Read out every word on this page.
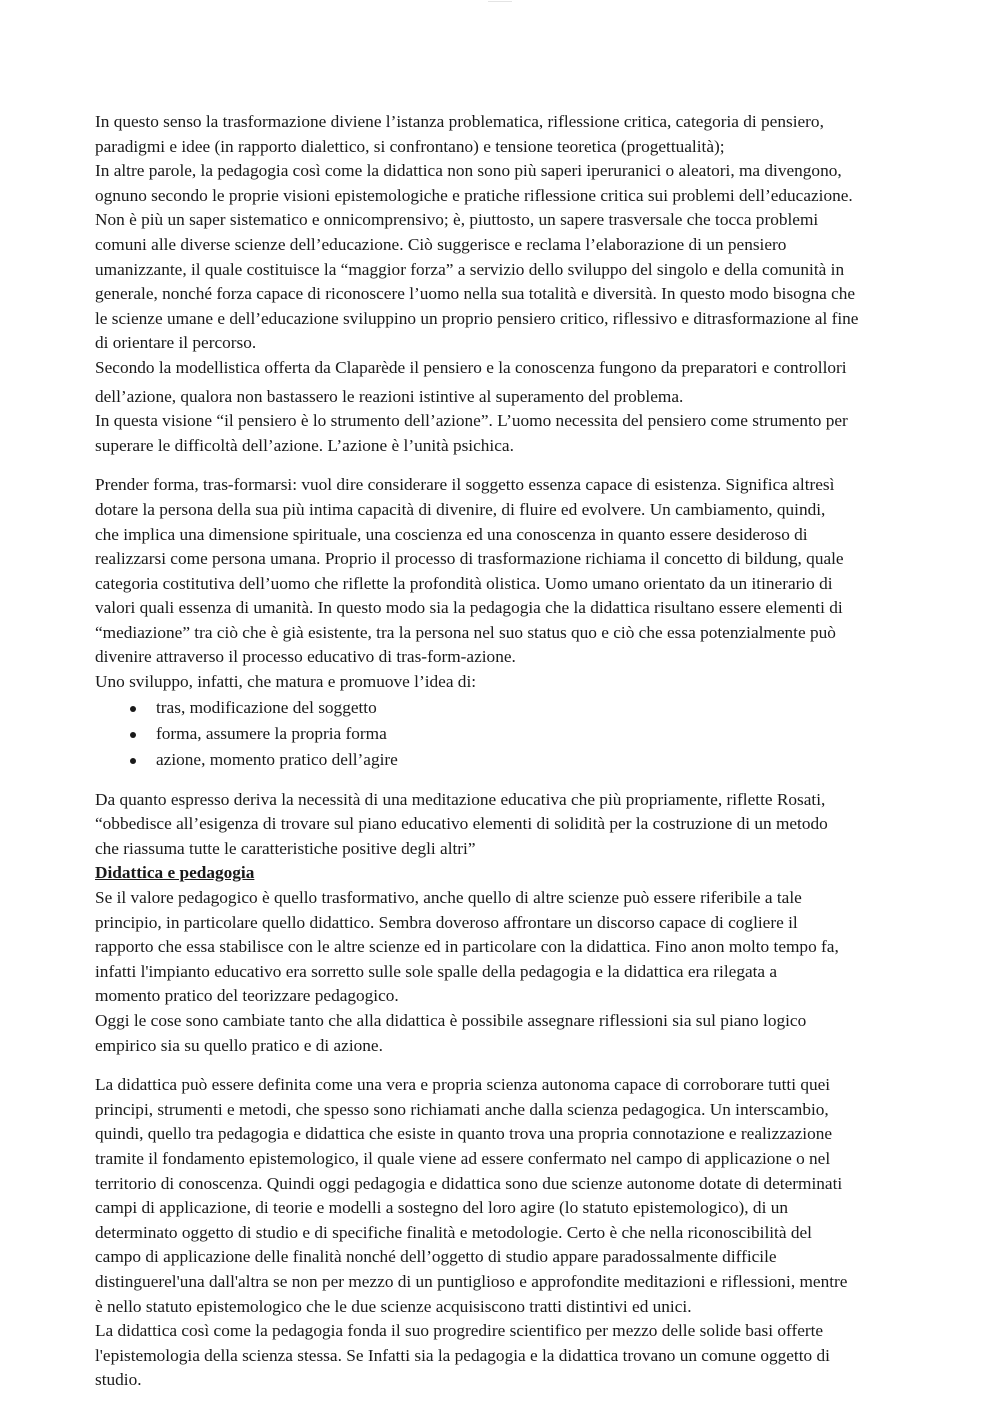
——————
In questo senso la trasformazione diviene l’istanza problematica, riflessione critica, categoria di pensiero,
paradigmi e idee (in rapporto dialettico, si confrontano) e tensione teoretica (progettualità);
In altre parole, la pedagogia così come la didattica non sono più saperi iperuranici o aleatori, ma divengono,
ognuno secondo le proprie visioni epistemologiche e pratiche riflessione critica sui problemi dell’educazione.
Non è più un saper sistematico e onnicomprensivo; è, piuttosto, un sapere trasversale che tocca problemi
comuni alle diverse scienze dell’educazione. Ciò suggerisce e reclama l’elaborazione di un pensiero
umanizzante, il quale costituisce la “maggior forza” a servizio dello sviluppo del singolo e della comunità in
generale, nonché forza capace di riconoscere l’uomo nella sua totalità e diversità. In questo modo bisogna che
le scienze umane e dell’educazione sviluppino un proprio pensiero critico, riflessivo e ditrasformazione al fine
di orientare il percorso.
Secondo la modellistica offerta da Claparède il pensiero e la conoscenza fungono da preparatori e controllori
dell’azione, qualora non bastassero le reazioni istintive al superamento del problema.
In questa visione “il pensiero è lo strumento dell’azione”. L’uomo necessita del pensiero come strumento per
superare le difficoltà dell’azione. L’azione è l’unità psichica.
Prender forma, tras-formarsi: vuol dire considerare il soggetto essenza capace di esistenza. Significa altresì
dotare la persona della sua più intima capacità di divenire, di fluire ed evolvere. Un cambiamento, quindi,
che implica una dimensione spirituale, una coscienza ed una conoscenza in quanto essere desideroso di
realizzarsi come persona umana. Proprio il processo di trasformazione richiama il concetto di bildung, quale
categoria costitutiva dell’uomo che riflette la profondità olistica. Uomo umano orientato da un itinerario di
valori quali essenza di umanità. In questo modo sia la pedagogia che la didattica risultano essere elementi di
“mediazione” tra ciò che è già esistente, tra la persona nel suo status quo e ciò che essa potenzialmente può
divenire attraverso il processo educativo di tras-form-azione.
Uno sviluppo, infatti, che matura e promuove l’idea di:
tras, modificazione del soggetto
forma, assumere la propria forma
azione, momento pratico dell’agire
Da quanto espresso deriva la necessità di una meditazione educativa che più propriamente, riflette Rosati,
“obbedisce all’esigenza di trovare sul piano educativo elementi di solidità per la costruzione di un metodo
che riassuma tutte le caratteristiche positive degli altri”
Didattica e pedagogia
Se il valore pedagogico è quello trasformativo, anche quello di altre scienze può essere riferibile a tale
principio, in particolare quello didattico. Sembra doveroso affrontare un discorso capace di cogliere il
rapporto che essa stabilisce con le altre scienze ed in particolare con la didattica. Fino anon molto tempo fa,
infatti l'impianto educativo era sorretto sulle sole spalle della pedagogia e la didattica era rilegata a
momento pratico del teorizzare pedagogico.
Oggi le cose sono cambiate tanto che alla didattica è possibile assegnare riflessioni sia sul piano logico
empirico sia su quello pratico e di azione.
La didattica può essere definita come una vera e propria scienza autonoma capace di corroborare tutti quei
principi, strumenti e metodi, che spesso sono richiamati anche dalla scienza pedagogica. Un interscambio,
quindi, quello tra pedagogia e didattica che esiste in quanto trova una propria connotazione e realizzazione
tramite il fondamento epistemologico, il quale viene ad essere confermato nel campo di applicazione o nel
territorio di conoscenza. Quindi oggi pedagogia e didattica sono due scienze autonome dotate di determinati
campi di applicazione, di teorie e modelli a sostegno del loro agire (lo statuto epistemologico), di un
determinato oggetto di studio e di specifiche finalità e metodologie. Certo è che nella riconoscibilità del
campo di applicazione delle finalità nonché dell’oggetto di studio appare paradossalmente difficile
distinguerel'una dall'altra se non per mezzo di un puntiglioso e approfondite meditazioni e riflessioni, mentre
è nello statuto epistemologico che le due scienze acquisiscono tratti distintivi ed unici.
La didattica così come la pedagogia fonda il suo progredire scientifico per mezzo delle solide basi offerte
l'epistemologia della scienza stessa. Se Infatti sia la pedagogia e la didattica trovano un comune oggetto di
studio.
